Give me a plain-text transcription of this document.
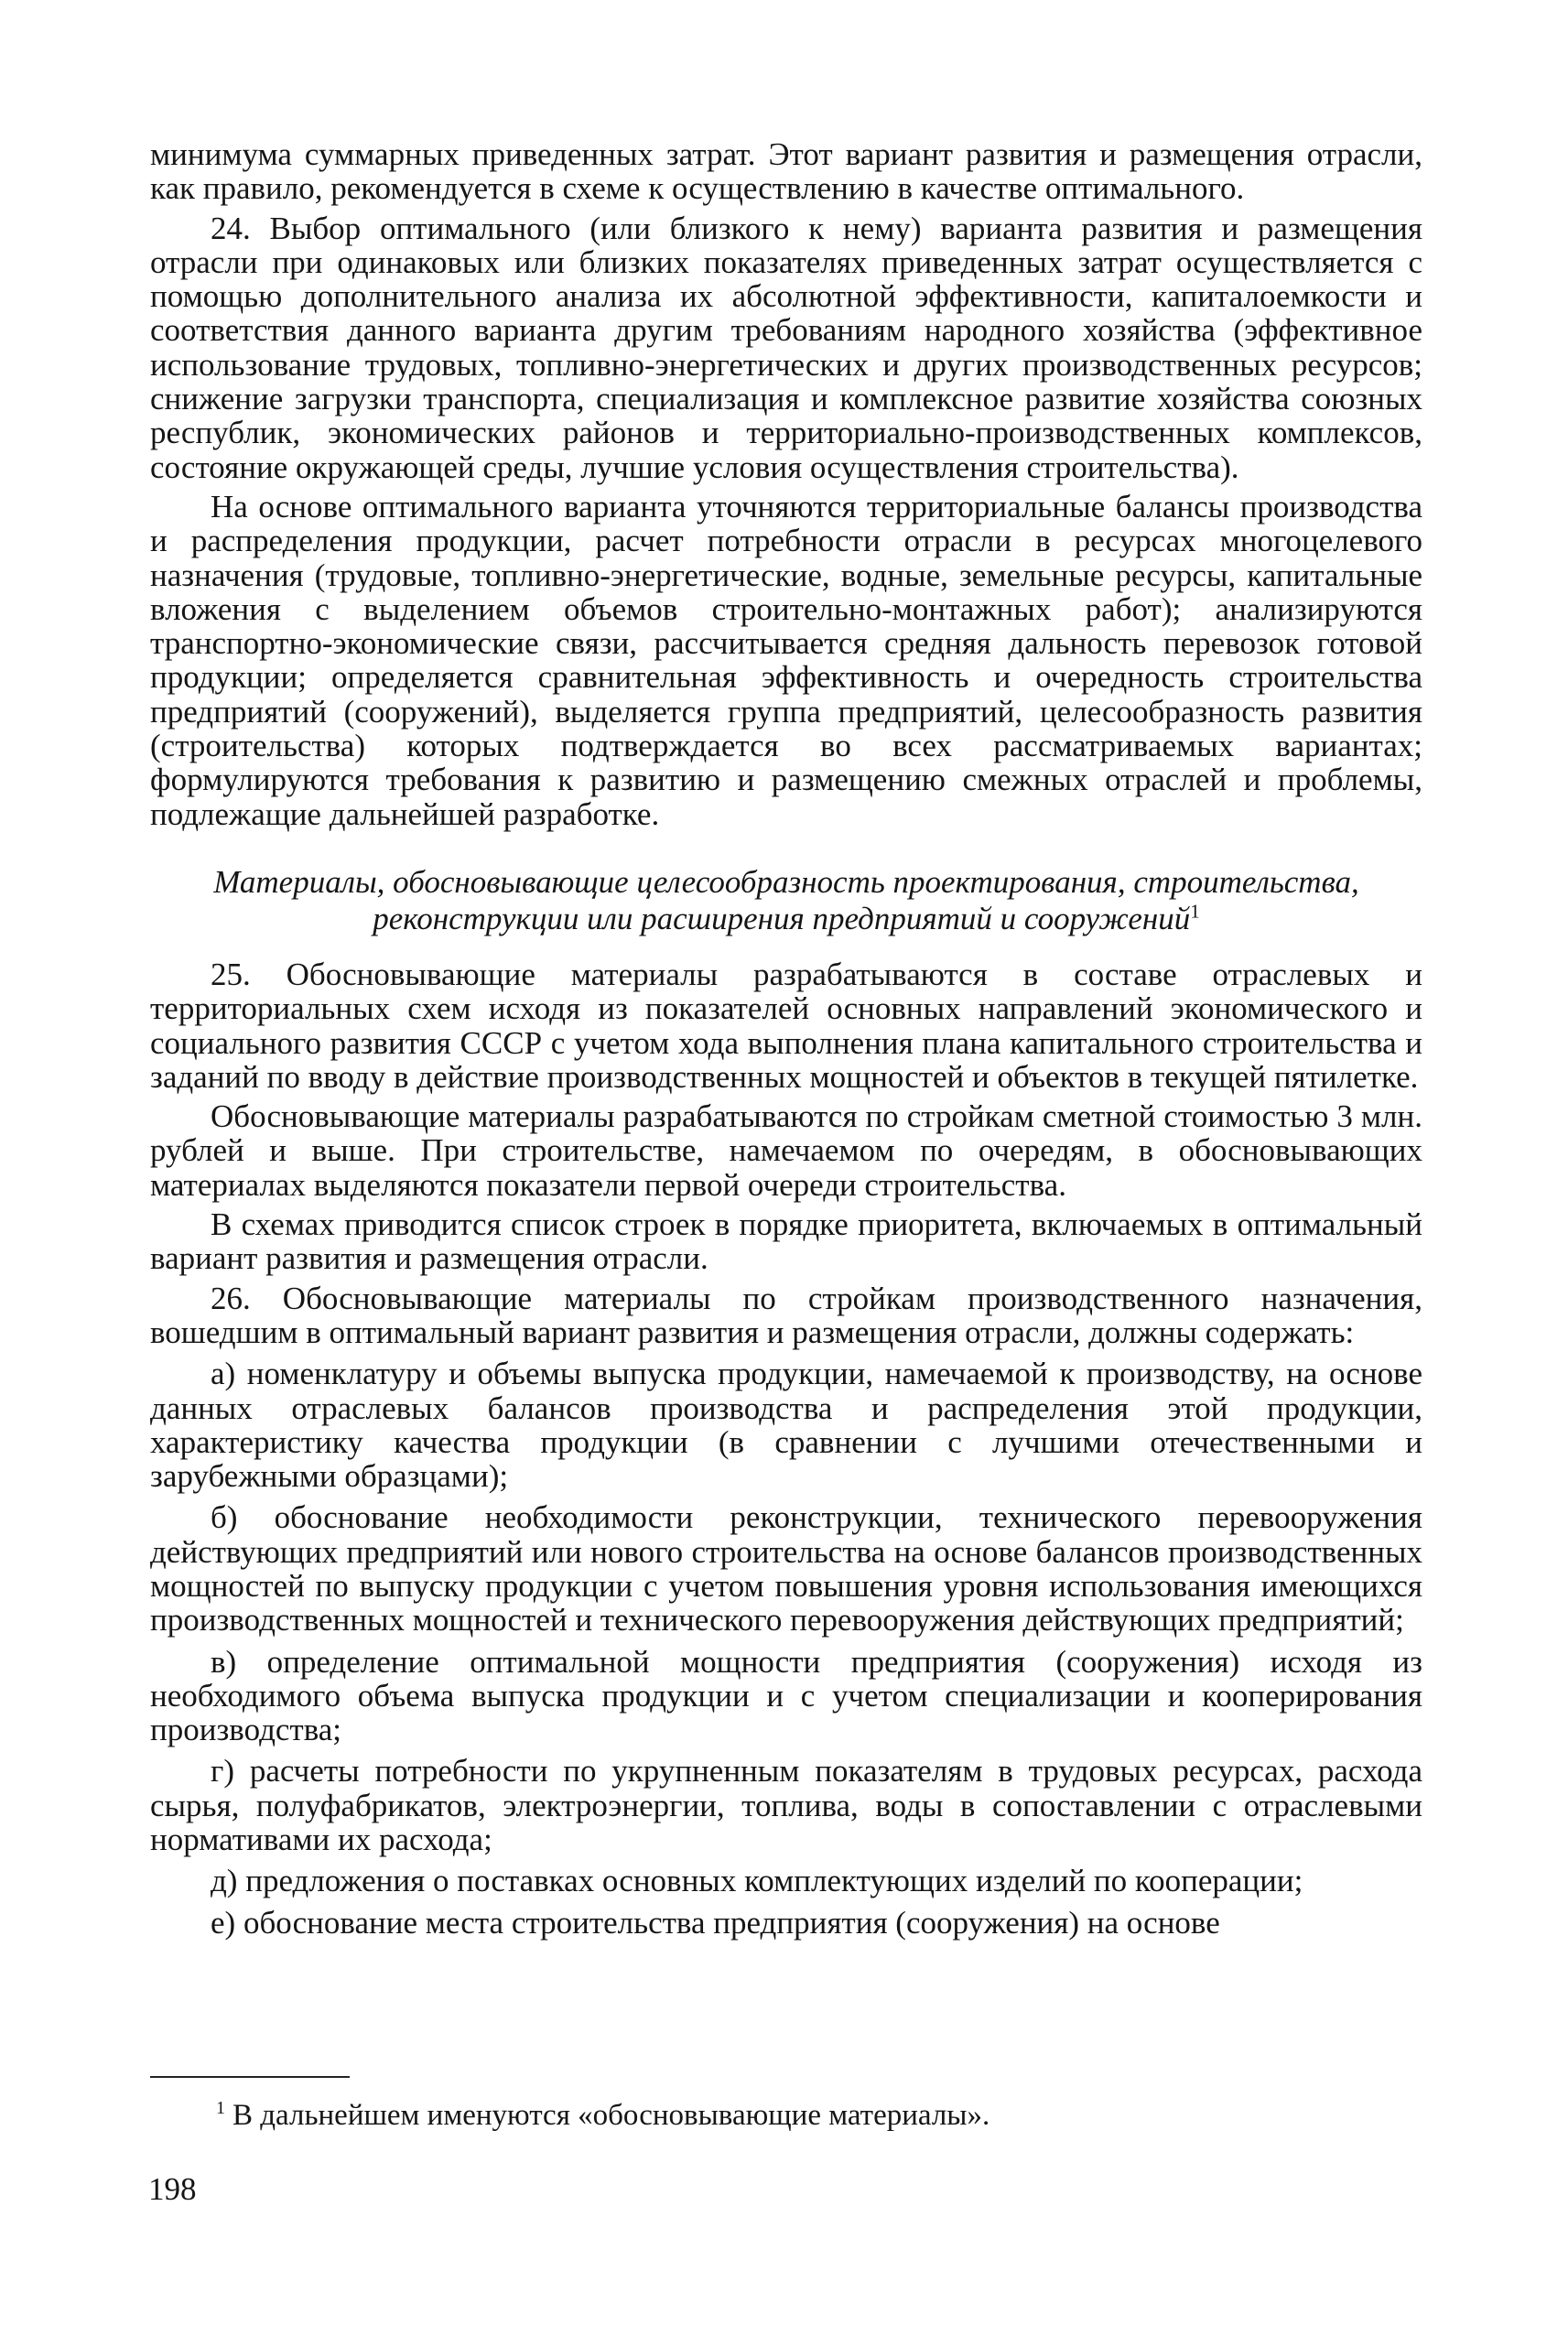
минимума суммарных приведенных затрат. Этот вариант развития и размещения отрасли, как правило, рекомендуется в схеме к осуществлению в качестве оптимального.

24. Выбор оптимального (или близкого к нему) варианта развития и размещения отрасли при одинаковых или близких показателях приведенных затрат осуществляется с помощью дополнительного анализа их абсолютной эффективности, капиталоемкости и соответствия данного варианта другим требованиям народного хозяйства (эффективное использование трудовых, топливно-энергетических и других производственных ресурсов; снижение загрузки транспорта, специализация и комплексное развитие хозяйства союзных республик, экономических районов и территориально-производственных комплексов, состояние окружающей среды, лучшие условия осуществления строительства).

На основе оптимального варианта уточняются территориальные балансы производства и распределения продукции, расчет потребности отрасли в ресурсах многоцелевого назначения (трудовые, топливно-энергетические, водные, земельные ресурсы, капитальные вложения с выделением объемов строительно-монтажных работ); анализируются транспортно-экономические связи, рассчитывается средняя дальность перевозок готовой продукции; определяется сравнительная эффективность и очередность строительства предприятий (сооружений), выделяется группа предприятий, целесообразность развития (строительства) которых подтверждается во всех рассматриваемых вариантах; формулируются требования к развитию и размещению смежных отраслей и проблемы, подлежащие дальнейшей разработке.

Материалы, обосновывающие целесообразность проектирования, строительства, реконструкции или расширения предприятий и сооружений$^1$

25. Обосновывающие материалы разрабатываются в составе отраслевых и территориальных схем исходя из показателей основных направлений экономического и социального развития СССР с учетом хода выполнения плана капитального строительства и заданий по вводу в действие производственных мощностей и объектов в текущей пятилетке.

Обосновывающие материалы разрабатываются по стройкам сметной стоимостью 3 млн. рублей и выше. При строительстве, намечаемом по очередям, в обосновывающих материалах выделяются показатели первой очереди строительства.

В схемах приводится список строек в порядке приоритета, включаемых в оптимальный вариант развития и размещения отрасли.

26. Обосновывающие материалы по стройкам производственного назначения, вошедшим в оптимальный вариант развития и размещения отрасли, должны содержать:

а) номенклатуру и объемы выпуска продукции, намечаемой к производству, на основе данных отраслевых балансов производства и распределения этой продукции, характеристику качества продукции (в сравнении с лучшими отечественными и зарубежными образцами);

б) обоснование необходимости реконструкции, технического перевооружения действующих предприятий или нового строительства на основе балансов производственных мощностей по выпуску продукции с учетом повышения уровня использования имеющихся производственных мощностей и технического перевооружения действующих предприятий;

в) определение оптимальной мощности предприятия (сооружения) исходя из необходимого объема выпуска продукции и с учетом специализации и кооперирования производства;

г) расчеты потребности по укрупненным показателям в трудовых ресурсах, расхода сырья, полуфабрикатов, электроэнергии, топлива, воды в сопоставлении с отраслевыми нормативами их расхода;

д) предложения о поставках основных комплектующих изделий по кооперации;

е) обоснование места строительства предприятия (сооружения) на основе

$^1$ В дальнейшем именуются «обосновывающие материалы».
198
